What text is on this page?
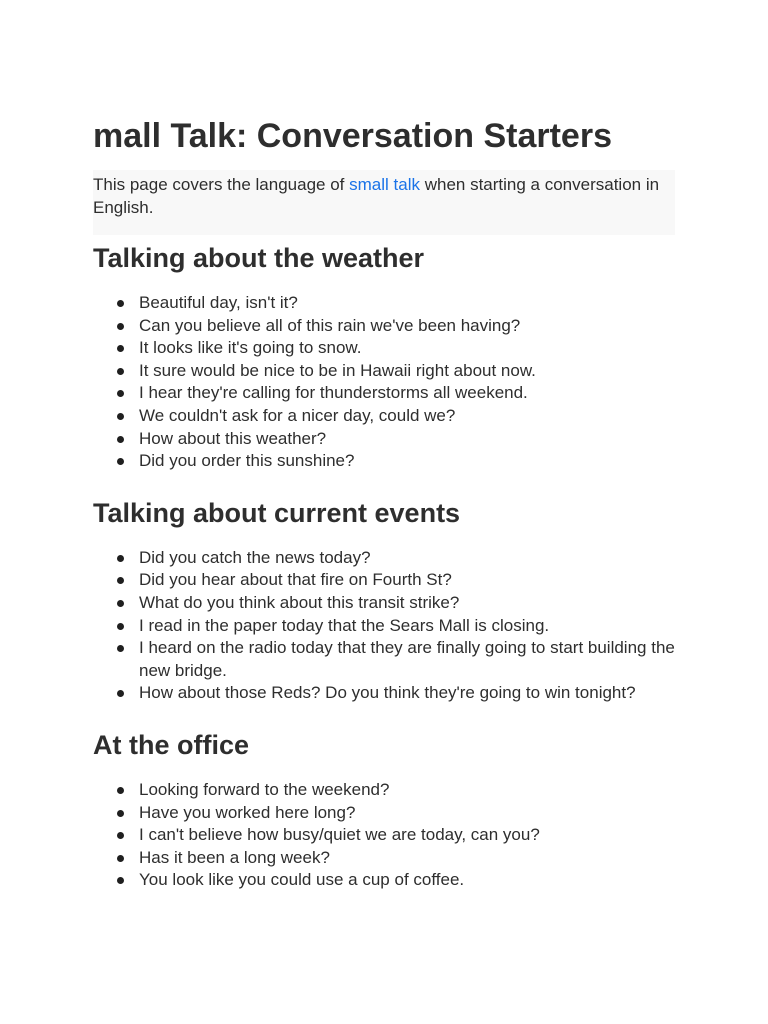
mall Talk: Conversation Starters
This page covers the language of small talk when starting a conversation in English.
Talking about the weather
Beautiful day, isn't it?
Can you believe all of this rain we've been having?
It looks like it's going to snow.
It sure would be nice to be in Hawaii right about now.
I hear they're calling for thunderstorms all weekend.
We couldn't ask for a nicer day, could we?
How about this weather?
Did you order this sunshine?
Talking about current events
Did you catch the news today?
Did you hear about that fire on Fourth St?
What do you think about this transit strike?
I read in the paper today that the Sears Mall is closing.
I heard on the radio today that they are finally going to start building the new bridge.
How about those Reds? Do you think they're going to win tonight?
At the office
Looking forward to the weekend?
Have you worked here long?
I can't believe how busy/quiet we are today, can you?
Has it been a long week?
You look like you could use a cup of coffee.
